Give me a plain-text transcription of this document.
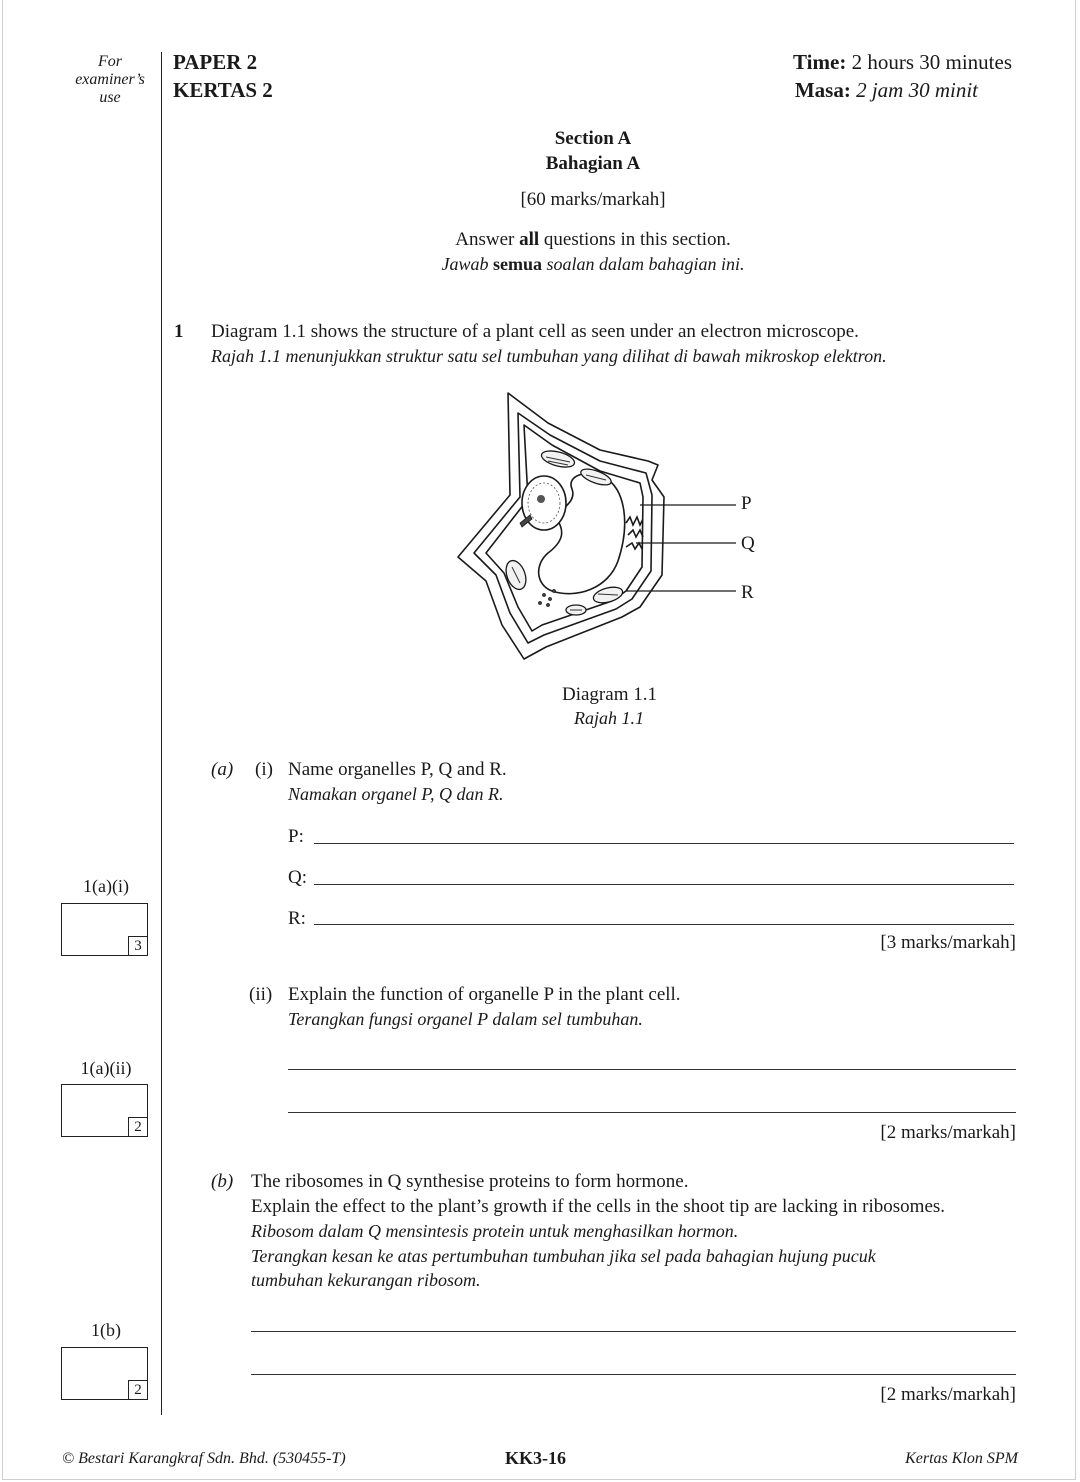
For
examiner’s
use
PAPER 2
KERTAS 2
Time: 2 hours 30 minutes
Masa: 2 jam 30 minit
Section A
Bahagian A
[60 marks/markah]
Answer all questions in this section.
Jawab semua soalan dalam bahagian ini.
1 Diagram 1.1 shows the structure of a plant cell as seen under an electron microscope.
Rajah 1.1 menunjukkan struktur satu sel tumbuhan yang dilihat di bawah mikroskop elektron.
P
Q
R
Diagram 1.1
Rajah 1.1
(a) (i) Name organelles P, Q and R.
Namakan organel P, Q dan R.
P:
Q:
R:
[3 marks/markah]
(ii) Explain the function of organelle P in the plant cell.
Terangkan fungsi organel P dalam sel tumbuhan.
[2 marks/markah]
(b) The ribosomes in Q synthesise proteins to form hormone.
Explain the effect to the plant’s growth if the cells in the shoot tip are lacking in ribosomes.
Ribosom dalam Q mensintesis protein untuk menghasilkan hormon.
Terangkan kesan ke atas pertumbuhan tumbuhan jika sel pada bahagian hujung pucuk
tumbuhan kekurangan ribosom.
[2 marks/markah]
1(a)(i)
3
1(a)(ii)
2
1(b)
2
© Bestari Karangkraf Sdn. Bhd. (530455-T)	KK3-16	Kertas Klon SPM
